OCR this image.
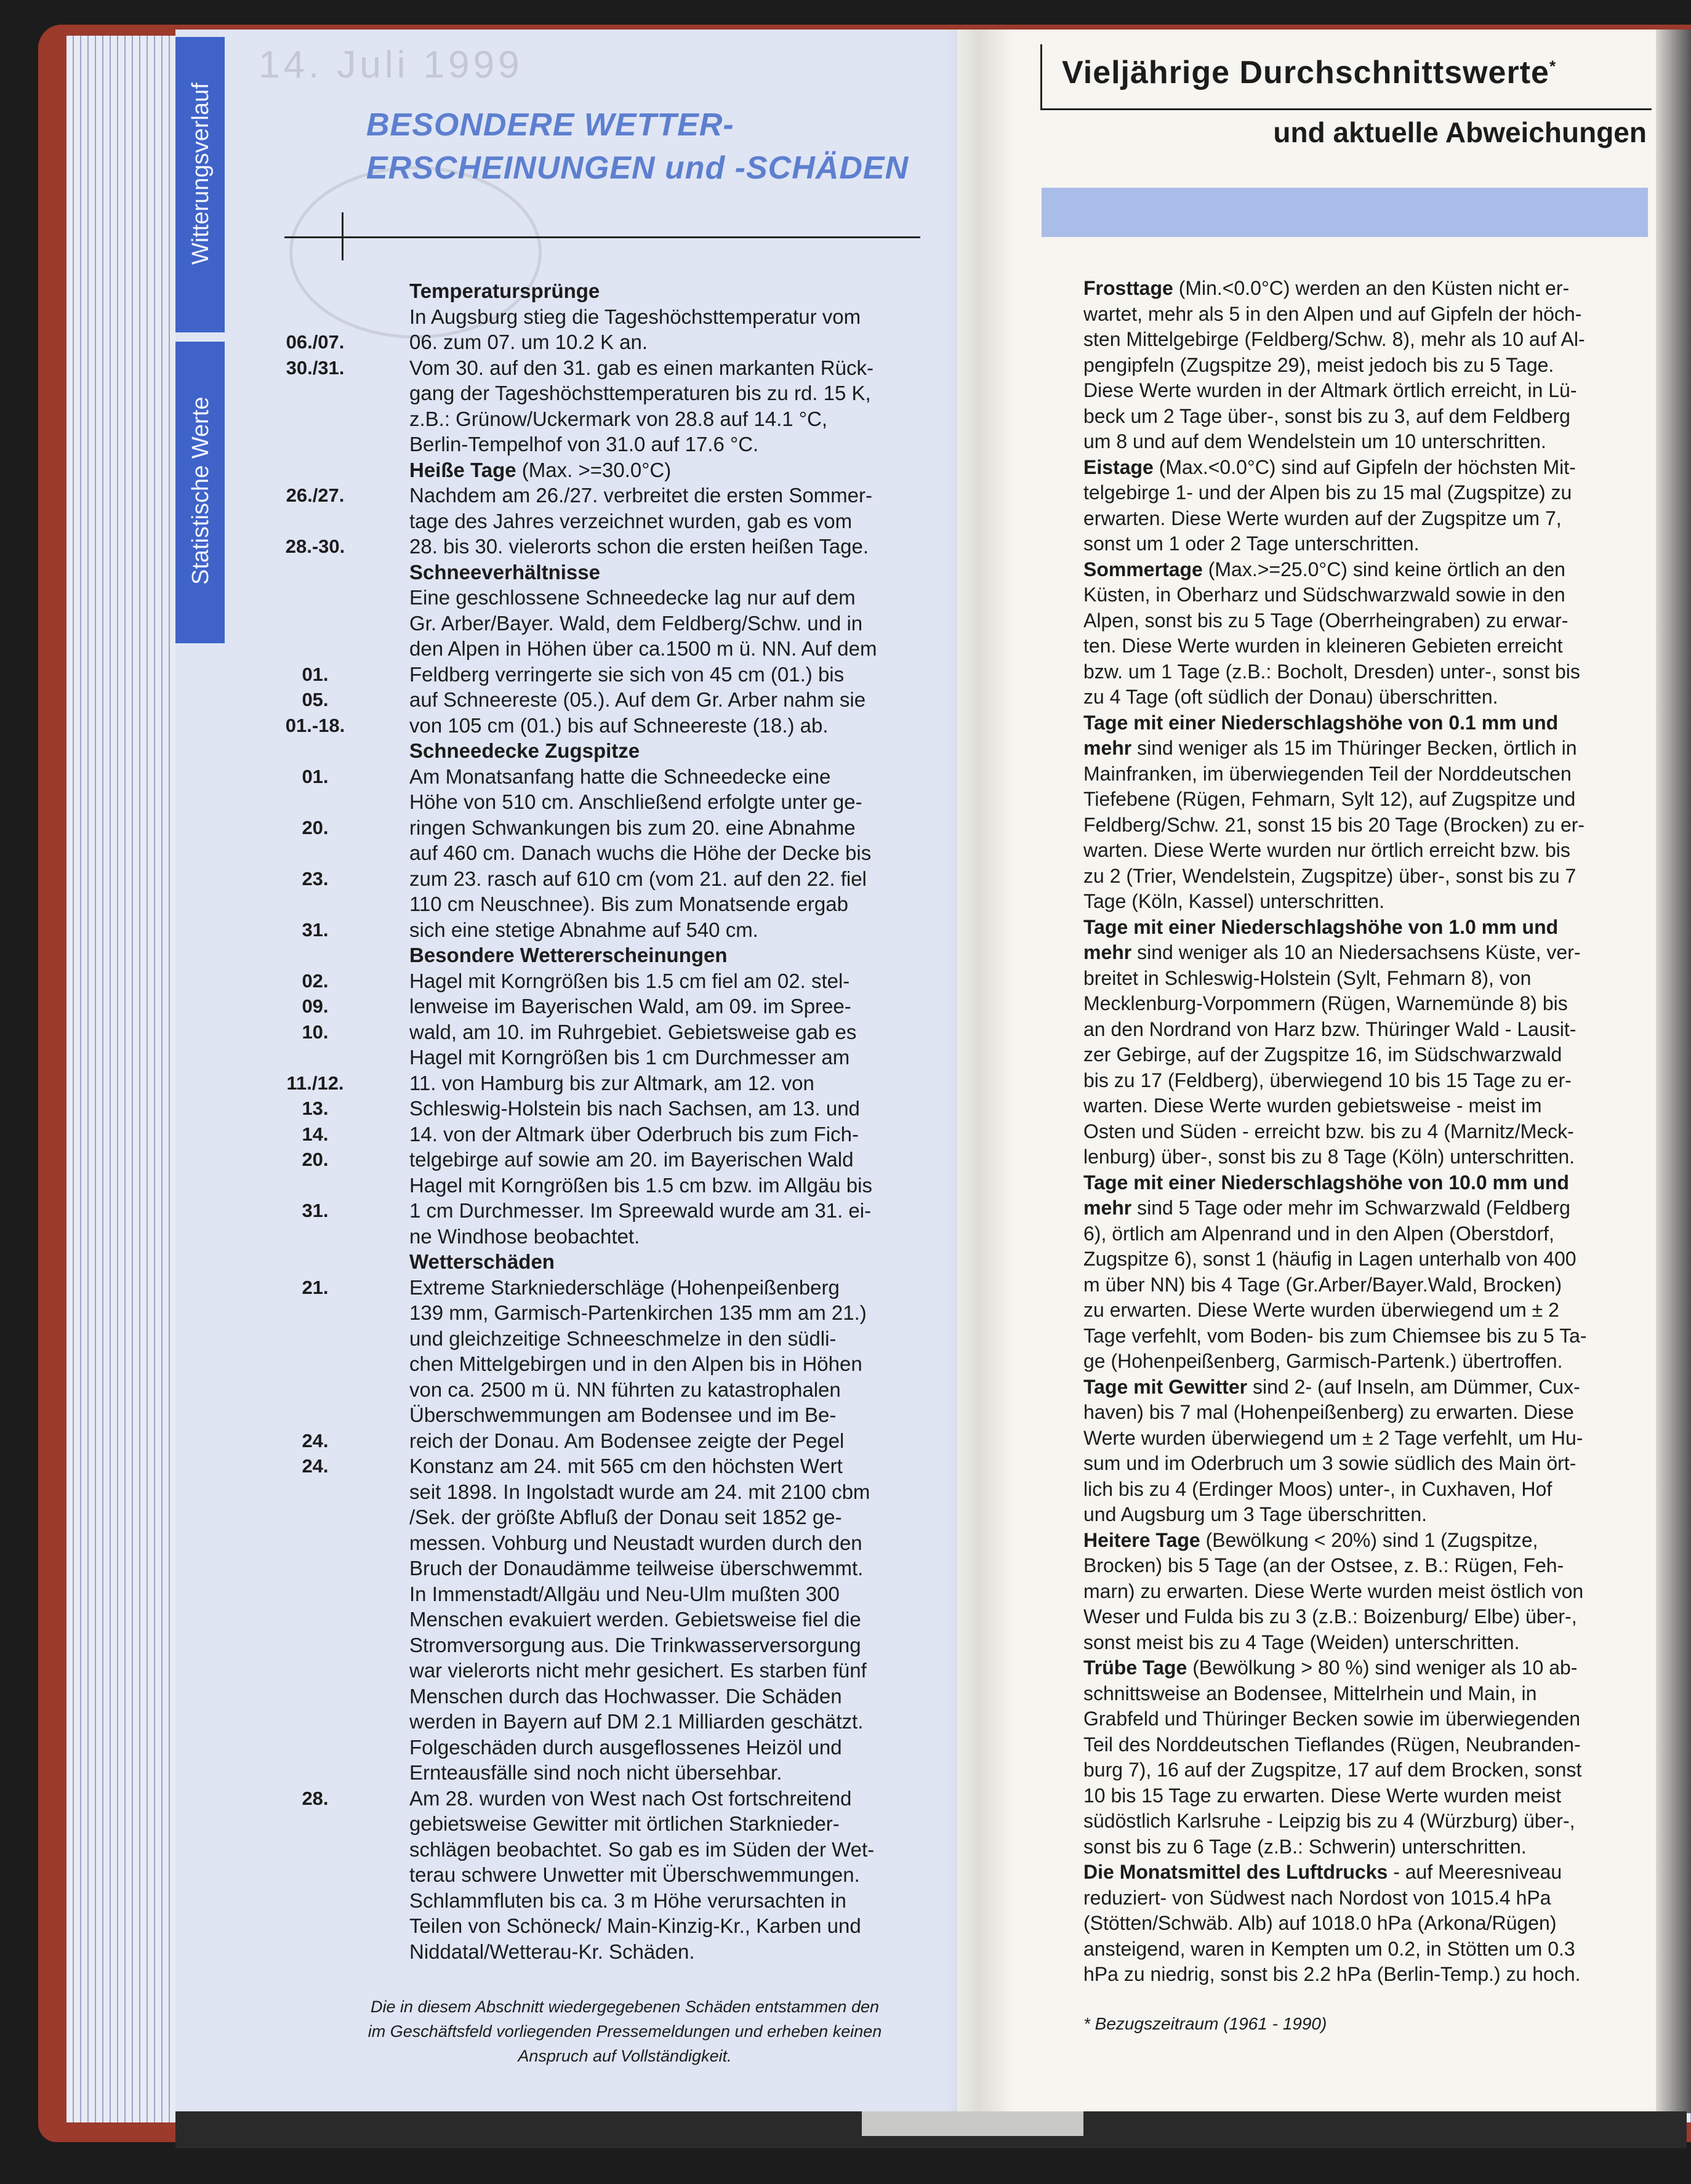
Witterungsverlauf
Statistische Werte
14. Juli 1999
BESONDERE WETTER-
ERSCHEINUNGEN und -SCHÄDEN
Temperatursprünge
In Augsburg stieg die Tageshöchsttemperatur vom
06./07.	06. zum 07. um 10.2 K an.
30./31.	Vom 30. auf den 31. gab es einen markanten Rück-
gang der Tageshöchsttemperaturen bis zu rd. 15 K,
z.B.: Grünow/Uckermark von 28.8 auf 14.1 °C,
Berlin-Tempelhof von 31.0 auf 17.6 °C.
Heiße Tage (Max. >=30.0°C)
26./27.	Nachdem am 26./27. verbreitet die ersten Sommer-
tage des Jahres verzeichnet wurden, gab es vom
28.-30.	28. bis 30. vielerorts schon die ersten heißen Tage.
Schneeverhältnisse
Eine geschlossene Schneedecke lag nur auf dem
Gr. Arber/Bayer. Wald, dem Feldberg/Schw. und in
den Alpen in Höhen über ca.1500 m ü. NN. Auf dem
01.	Feldberg verringerte sie sich von 45 cm (01.) bis
05.	auf Schneereste (05.). Auf dem Gr. Arber nahm sie
01.-18.	von 105 cm (01.) bis auf Schneereste (18.) ab.
Schneedecke Zugspitze
01.	Am Monatsanfang hatte die Schneedecke eine
Höhe von 510 cm. Anschließend erfolgte unter ge-
20.	ringen Schwankungen bis zum 20. eine Abnahme
auf 460 cm. Danach wuchs die Höhe der Decke bis
23.	zum 23. rasch auf 610 cm (vom 21. auf den 22. fiel
110 cm Neuschnee). Bis zum Monatsende ergab
31.	sich eine stetige Abnahme auf 540 cm.
Besondere Wettererscheinungen
02.	Hagel mit Korngrößen bis 1.5 cm fiel am 02. stel-
09.	lenweise im Bayerischen Wald, am 09. im Spree-
10.	wald, am 10. im Ruhrgebiet. Gebietsweise gab es
Hagel mit Korngrößen bis 1 cm Durchmesser am
11./12.	11. von Hamburg bis zur Altmark, am 12. von
13.	Schleswig-Holstein bis nach Sachsen, am 13. und
14.	14. von der Altmark über Oderbruch bis zum Fich-
20.	telgebirge auf sowie am 20. im Bayerischen Wald
Hagel mit Korngrößen bis 1.5 cm bzw. im Allgäu bis
31.	1 cm Durchmesser. Im Spreewald wurde am 31. ei-
ne Windhose beobachtet.
Wetterschäden
21.	Extreme Starkniederschläge (Hohenpeißenberg
139 mm, Garmisch-Partenkirchen 135 mm am 21.)
und gleichzeitige Schneeschmelze in den südli-
chen Mittelgebirgen und in den Alpen bis in Höhen
von ca. 2500 m ü. NN führten zu katastrophalen
Überschwemmungen am Bodensee und im Be-
24.	reich der Donau. Am Bodensee zeigte der Pegel
24.	Konstanz am 24. mit 565 cm den höchsten Wert
seit 1898. In Ingolstadt wurde am 24. mit 2100 cbm
/Sek. der größte Abfluß der Donau seit 1852 ge-
messen. Vohburg und Neustadt wurden durch den
Bruch der Donaudämme teilweise überschwemmt.
In Immenstadt/Allgäu und Neu-Ulm mußten 300
Menschen evakuiert werden. Gebietsweise fiel die
Stromversorgung aus. Die Trinkwasserversorgung
war vielerorts nicht mehr gesichert. Es starben fünf
Menschen durch das Hochwasser. Die Schäden
werden in Bayern auf DM 2.1 Milliarden geschätzt.
Folgeschäden durch ausgeflossenes Heizöl und
Ernteausfälle sind noch nicht übersehbar.
28.	Am 28. wurden von West nach Ost fortschreitend
gebietsweise Gewitter mit örtlichen Starknieder-
schlägen beobachtet. So gab es im Süden der Wet-
terau schwere Unwetter mit Überschwemmungen.
Schlammfluten bis ca. 3 m Höhe verursachten in
Teilen von Schöneck/ Main-Kinzig-Kr., Karben und
Niddatal/Wetterau-Kr. Schäden.
Die in diesem Abschnitt wiedergegebenen Schäden entstammen den
im Geschäftsfeld vorliegenden Pressemeldungen und erheben keinen
Anspruch auf Vollständigkeit.
Vieljährige Durchschnittswerte*
und aktuelle Abweichungen
Frosttage (Min.<0.0°C) werden an den Küsten nicht er-
wartet, mehr als 5 in den Alpen und auf Gipfeln der höch-
sten Mittelgebirge (Feldberg/Schw. 8), mehr als 10 auf Al-
pengipfeln (Zugspitze 29), meist jedoch bis zu 5 Tage.
Diese Werte wurden in der Altmark örtlich erreicht, in Lü-
beck um 2 Tage über-, sonst bis zu 3, auf dem Feldberg
um 8 und auf dem Wendelstein um 10 unterschritten.
Eistage (Max.<0.0°C) sind auf Gipfeln der höchsten Mit-
telgebirge 1- und der Alpen bis zu 15 mal (Zugspitze) zu
erwarten. Diese Werte wurden auf der Zugspitze um 7,
sonst um 1 oder 2 Tage unterschritten.
Sommertage (Max.>=25.0°C) sind keine örtlich an den
Küsten, in Oberharz und Südschwarzwald sowie in den
Alpen, sonst bis zu 5 Tage (Oberrheingraben) zu erwar-
ten. Diese Werte wurden in kleineren Gebieten erreicht
bzw. um 1 Tage (z.B.: Bocholt, Dresden) unter-, sonst bis
zu 4 Tage (oft südlich der Donau) überschritten.
Tage mit einer Niederschlagshöhe von 0.1 mm und
mehr sind weniger als 15 im Thüringer Becken, örtlich in
Mainfranken, im überwiegenden Teil der Norddeutschen
Tiefebene (Rügen, Fehmarn, Sylt 12), auf Zugspitze und
Feldberg/Schw. 21, sonst 15 bis 20 Tage (Brocken) zu er-
warten. Diese Werte wurden nur örtlich erreicht bzw. bis
zu 2 (Trier, Wendelstein, Zugspitze) über-, sonst bis zu 7
Tage (Köln, Kassel) unterschritten.
Tage mit einer Niederschlagshöhe von 1.0 mm und
mehr sind weniger als 10 an Niedersachsens Küste, ver-
breitet in Schleswig-Holstein (Sylt, Fehmarn 8), von
Mecklenburg-Vorpommern (Rügen, Warnemünde 8) bis
an den Nordrand von Harz bzw. Thüringer Wald - Lausit-
zer Gebirge, auf der Zugspitze 16, im Südschwarzwald
bis zu 17 (Feldberg), überwiegend 10 bis 15 Tage zu er-
warten. Diese Werte wurden gebietsweise - meist im
Osten und Süden - erreicht bzw. bis zu 4 (Marnitz/Meck-
lenburg) über-, sonst bis zu 8 Tage (Köln) unterschritten.
Tage mit einer Niederschlagshöhe von 10.0 mm und
mehr sind 5 Tage oder mehr im Schwarzwald (Feldberg
6), örtlich am Alpenrand und in den Alpen (Oberstdorf,
Zugspitze 6), sonst 1 (häufig in Lagen unterhalb von 400
m über NN) bis 4 Tage (Gr.Arber/Bayer.Wald, Brocken)
zu erwarten. Diese Werte wurden überwiegend um ± 2
Tage verfehlt, vom Boden- bis zum Chiemsee bis zu 5 Ta-
ge (Hohenpeißenberg, Garmisch-Partenk.) übertroffen.
Tage mit Gewitter sind 2- (auf Inseln, am Dümmer, Cux-
haven) bis 7 mal (Hohenpeißenberg) zu erwarten. Diese
Werte wurden überwiegend um ± 2 Tage verfehlt, um Hu-
sum und im Oderbruch um 3 sowie südlich des Main ört-
lich bis zu 4 (Erdinger Moos) unter-, in Cuxhaven, Hof
und Augsburg um 3 Tage überschritten.
Heitere Tage (Bewölkung < 20%) sind 1 (Zugspitze,
Brocken) bis 5 Tage (an der Ostsee, z. B.: Rügen, Feh-
marn) zu erwarten. Diese Werte wurden meist östlich von
Weser und Fulda bis zu 3 (z.B.: Boizenburg/ Elbe) über-,
sonst meist bis zu 4 Tage (Weiden) unterschritten.
Trübe Tage (Bewölkung > 80 %) sind weniger als 10 ab-
schnittsweise an Bodensee, Mittelrhein und Main, in
Grabfeld und Thüringer Becken sowie im überwiegenden
Teil des Norddeutschen Tieflandes (Rügen, Neubranden-
burg 7), 16 auf der Zugspitze, 17 auf dem Brocken, sonst
10 bis 15 Tage zu erwarten. Diese Werte wurden meist
südöstlich Karlsruhe - Leipzig bis zu 4 (Würzburg) über-,
sonst bis zu 6 Tage (z.B.: Schwerin) unterschritten.
Die Monatsmittel des Luftdrucks - auf Meeresniveau
reduziert- von Südwest nach Nordost von 1015.4 hPa
(Stötten/Schwäb. Alb) auf 1018.0 hPa (Arkona/Rügen)
ansteigend, waren in Kempten um 0.2, in Stötten um 0.3
hPa zu niedrig, sonst bis 2.2 hPa (Berlin-Temp.) zu hoch.
* Bezugszeitraum (1961 - 1990)
